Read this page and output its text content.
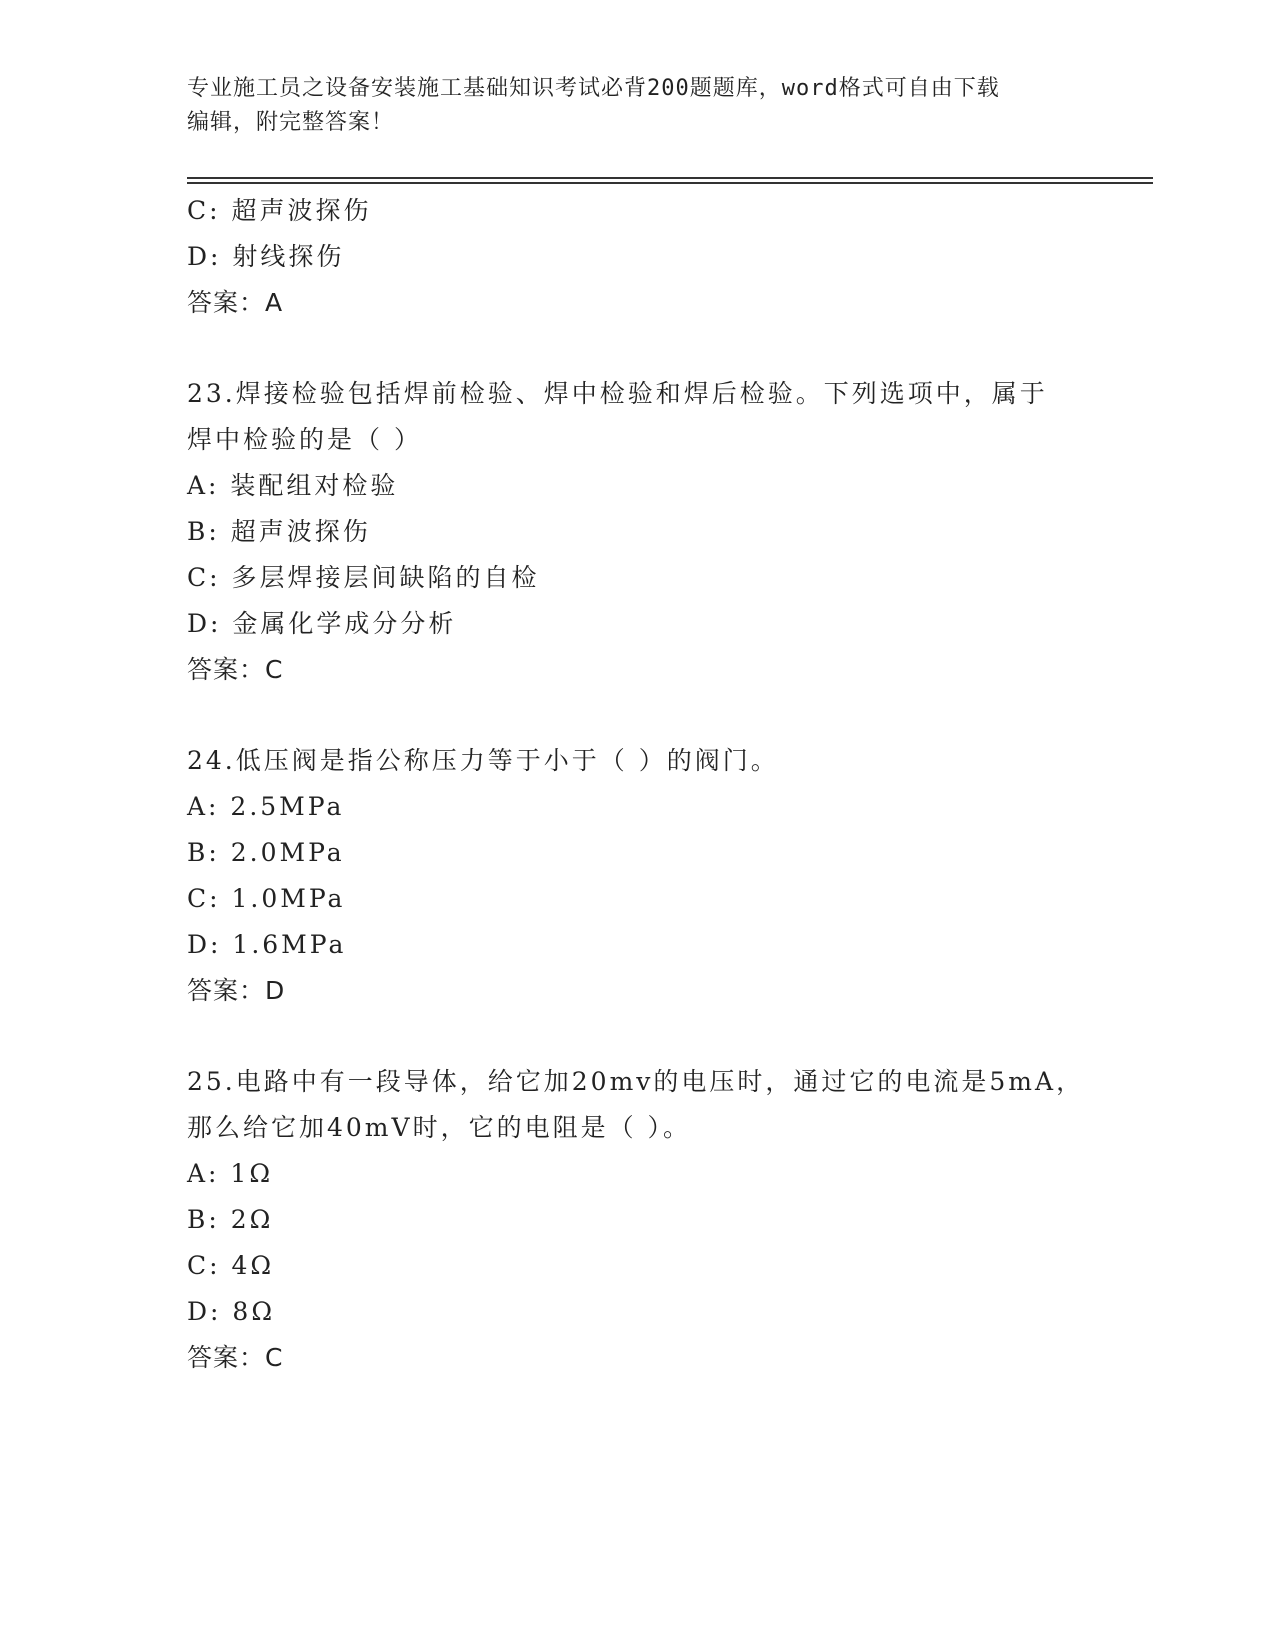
专业施工员之设备安装施工基础知识考试必背200题题库，word格式可自由下载
编辑，附完整答案！
C: 超声波探伤
D: 射线探伤
答案：A
23.焊接检验包括焊前检验、焊中检验和焊后检验。下列选项中，属于
焊中检验的是（ ）
A: 装配组对检验
B: 超声波探伤
C: 多层焊接层间缺陷的自检
D: 金属化学成分分析
答案：C
24.低压阀是指公称压力等于小于（ ）的阀门。
A: 2.5MPa
B: 2.0MPa
C: 1.0MPa
D: 1.6MPa
答案：D
25.电路中有一段导体，给它加20mv的电压时，通过它的电流是5mA，
那么给它加40mV时，它的电阻是（ ）。
A: 1Ω
B: 2Ω
C: 4Ω
D: 8Ω
答案：C
